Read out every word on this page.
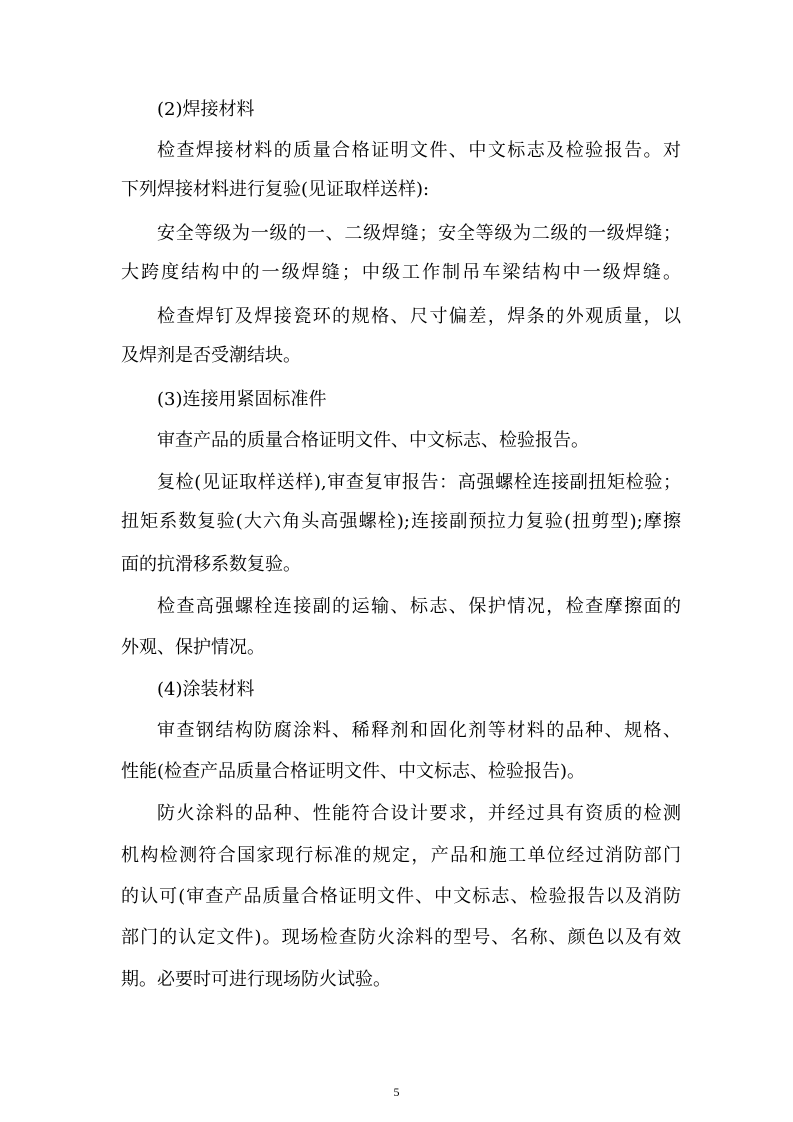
(2)焊接材料
检查焊接材料的质量合格证明文件、中文标志及检验报告。对
下列焊接材料进行复验(见证取样送样):
安全等级为一级的一、二级焊缝；安全等级为二级的一级焊缝；
大跨度结构中的一级焊缝；中级工作制吊车梁结构中一级焊缝。
检查焊钉及焊接瓷环的规格、尺寸偏差，焊条的外观质量，以
及焊剂是否受潮结块。
(3)连接用紧固标准件
审查产品的质量合格证明文件、中文标志、检验报告。
复检(见证取样送样),审查复审报告：高强螺栓连接副扭矩检验；
扭矩系数复验(大六角头高强螺栓);连接副预拉力复验(扭剪型);摩擦
面的抗滑移系数复验。
检查高强螺栓连接副的运输、标志、保护情况，检查摩擦面的
外观、保护情况。
(4)涂装材料
审查钢结构防腐涂料、稀释剂和固化剂等材料的品种、规格、
性能(检查产品质量合格证明文件、中文标志、检验报告)。
防火涂料的品种、性能符合设计要求，并经过具有资质的检测
机构检测符合国家现行标准的规定，产品和施工单位经过消防部门
的认可(审查产品质量合格证明文件、中文标志、检验报告以及消防
部门的认定文件)。现场检查防火涂料的型号、名称、颜色以及有效
期。必要时可进行现场防火试验。
5
